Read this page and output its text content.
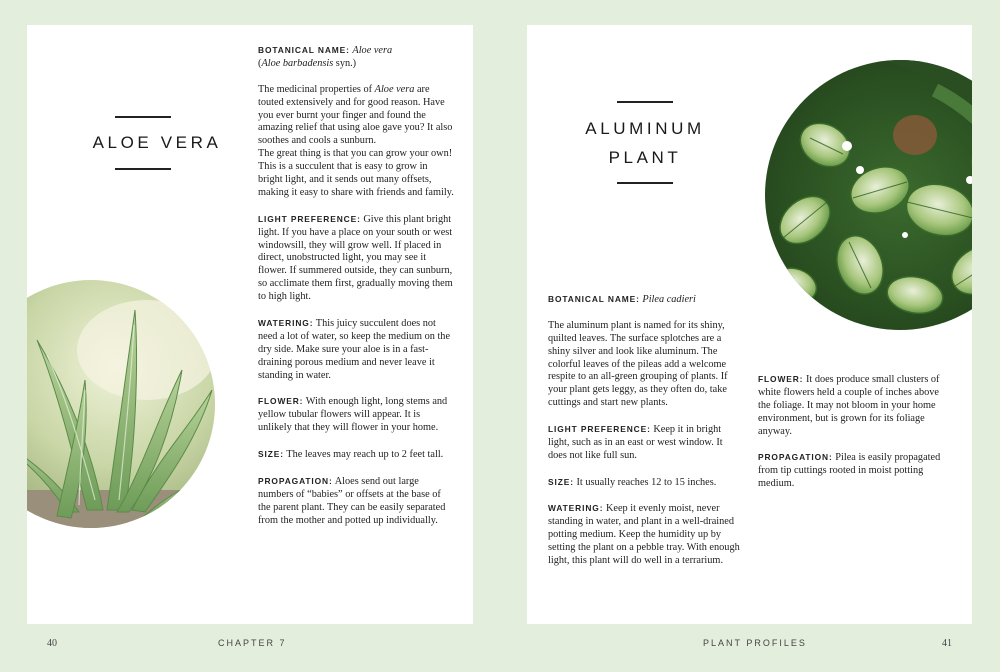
ALOE VERA

BOTANICAL NAME: Aloe vera
(Aloe barbadensis syn.)

The medicinal properties of Aloe vera are touted extensively and for good reason. Have you ever burnt your finger and found the amazing relief that using aloe gave you? It also soothes and cools a sunburn.
The great thing is that you can grow your own! This is a succulent that is easy to grow in bright light, and it sends out many offsets, making it easy to share with friends and family.

LIGHT PREFERENCE: Give this plant bright light. If you have a place on your south or west windowsill, they will grow well. If placed in direct, unobstructed light, you may see it flower. If summered outside, they can sunburn, so acclimate them first, gradually moving them to high light.

WATERING: This juicy succulent does not need a lot of water, so keep the medium on the dry side. Make sure your aloe is in a fast-draining porous medium and never leave it standing in water.

FLOWER: With enough light, long stems and yellow tubular flowers will appear. It is unlikely that they will flower in your home.

SIZE: The leaves may reach up to 2 feet tall.

PROPAGATION: Aloes send out large numbers of “babies” or offsets at the base of the parent plant. They can be easily separated from the mother and potted up individually.

ALUMINUM
PLANT

BOTANICAL NAME: Pilea cadieri

The aluminum plant is named for its shiny, quilted leaves. The surface splotches are a shiny silver and look like aluminum. The colorful leaves of the pileas add a welcome respite to an all-green grouping of plants. If your plant gets leggy, as they often do, take cuttings and start new plants.

LIGHT PREFERENCE: Keep it in bright light, such as in an east or west window. It does not like full sun.

SIZE: It usually reaches 12 to 15 inches.

WATERING: Keep it evenly moist, never standing in water, and plant in a well-drained potting medium. Keep the humidity up by setting the plant on a pebble tray. With enough light, this plant will do well in a terrarium.

FLOWER: It does produce small clusters of white flowers held a couple of inches above the foliage. It may not bloom in your home environment, but is grown for its foliage anyway.

PROPAGATION: Pilea is easily propagated from tip cuttings rooted in moist potting medium.

40	CHAPTER 7	PLANT PROFILES	41
